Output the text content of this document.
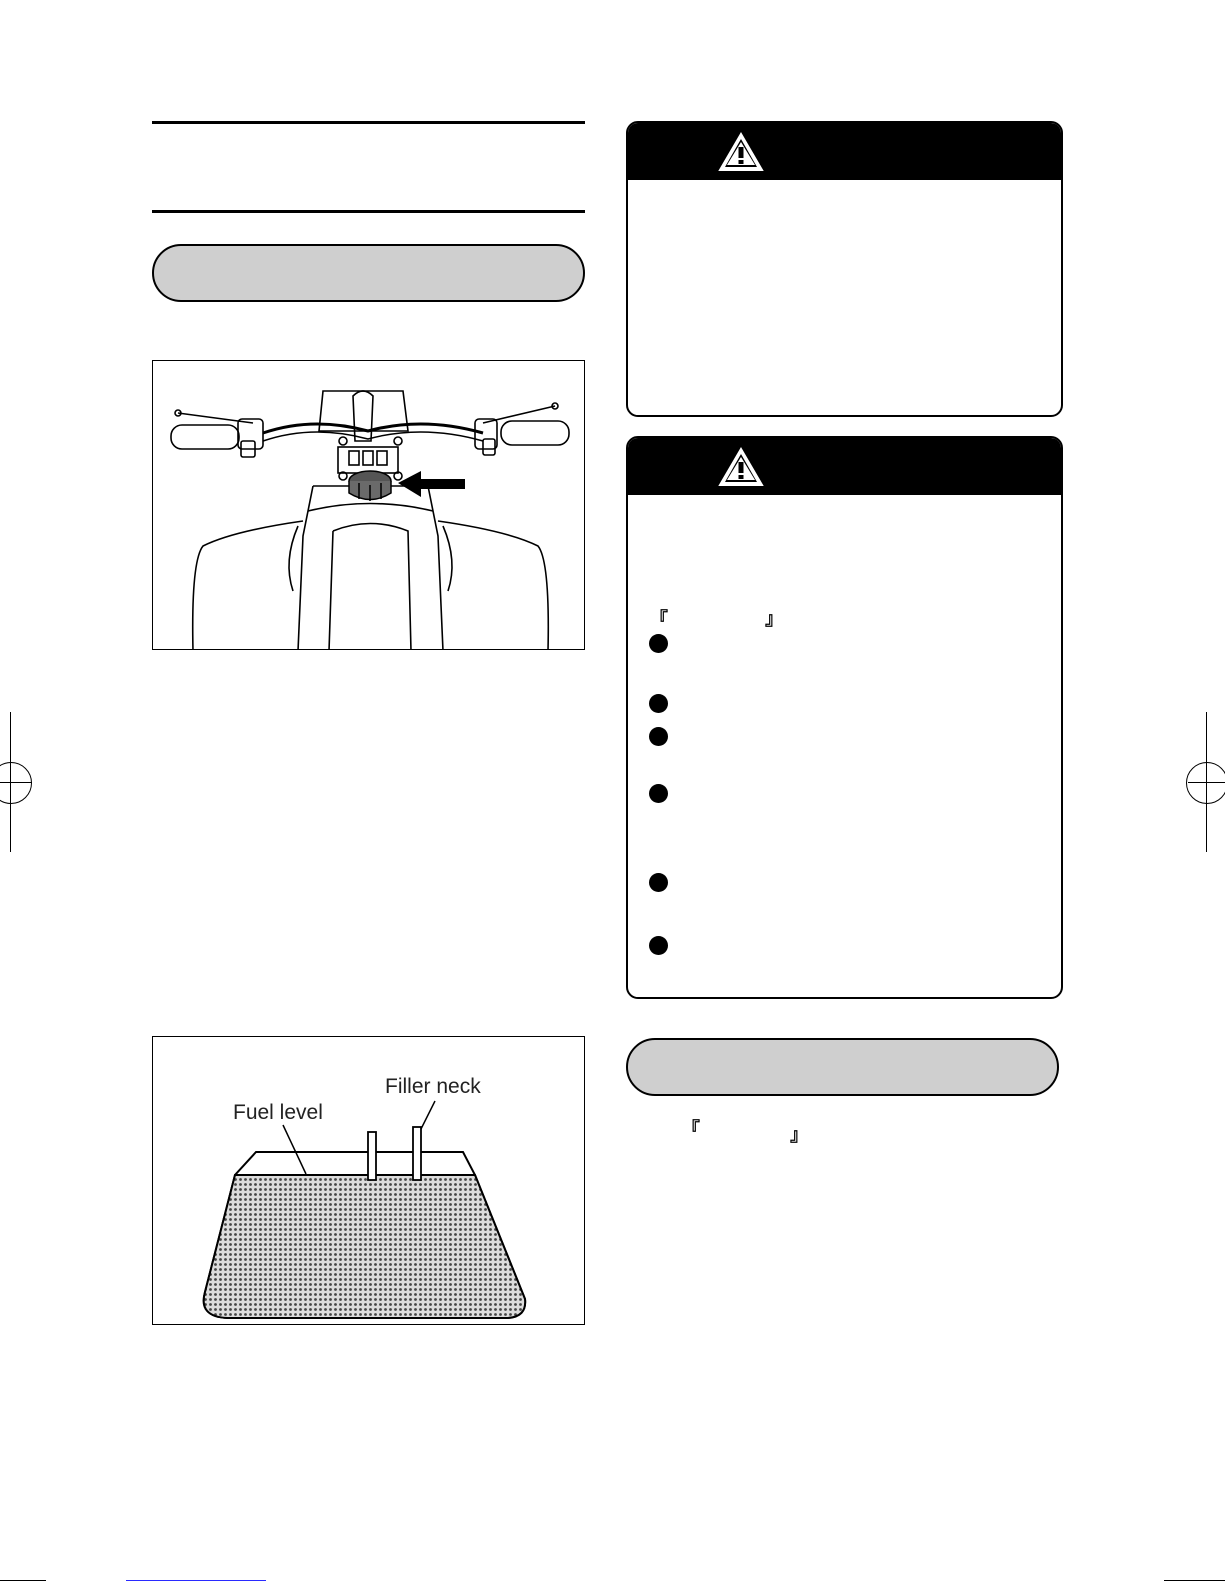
Fuel level
Filler neck
『	』
『	』
